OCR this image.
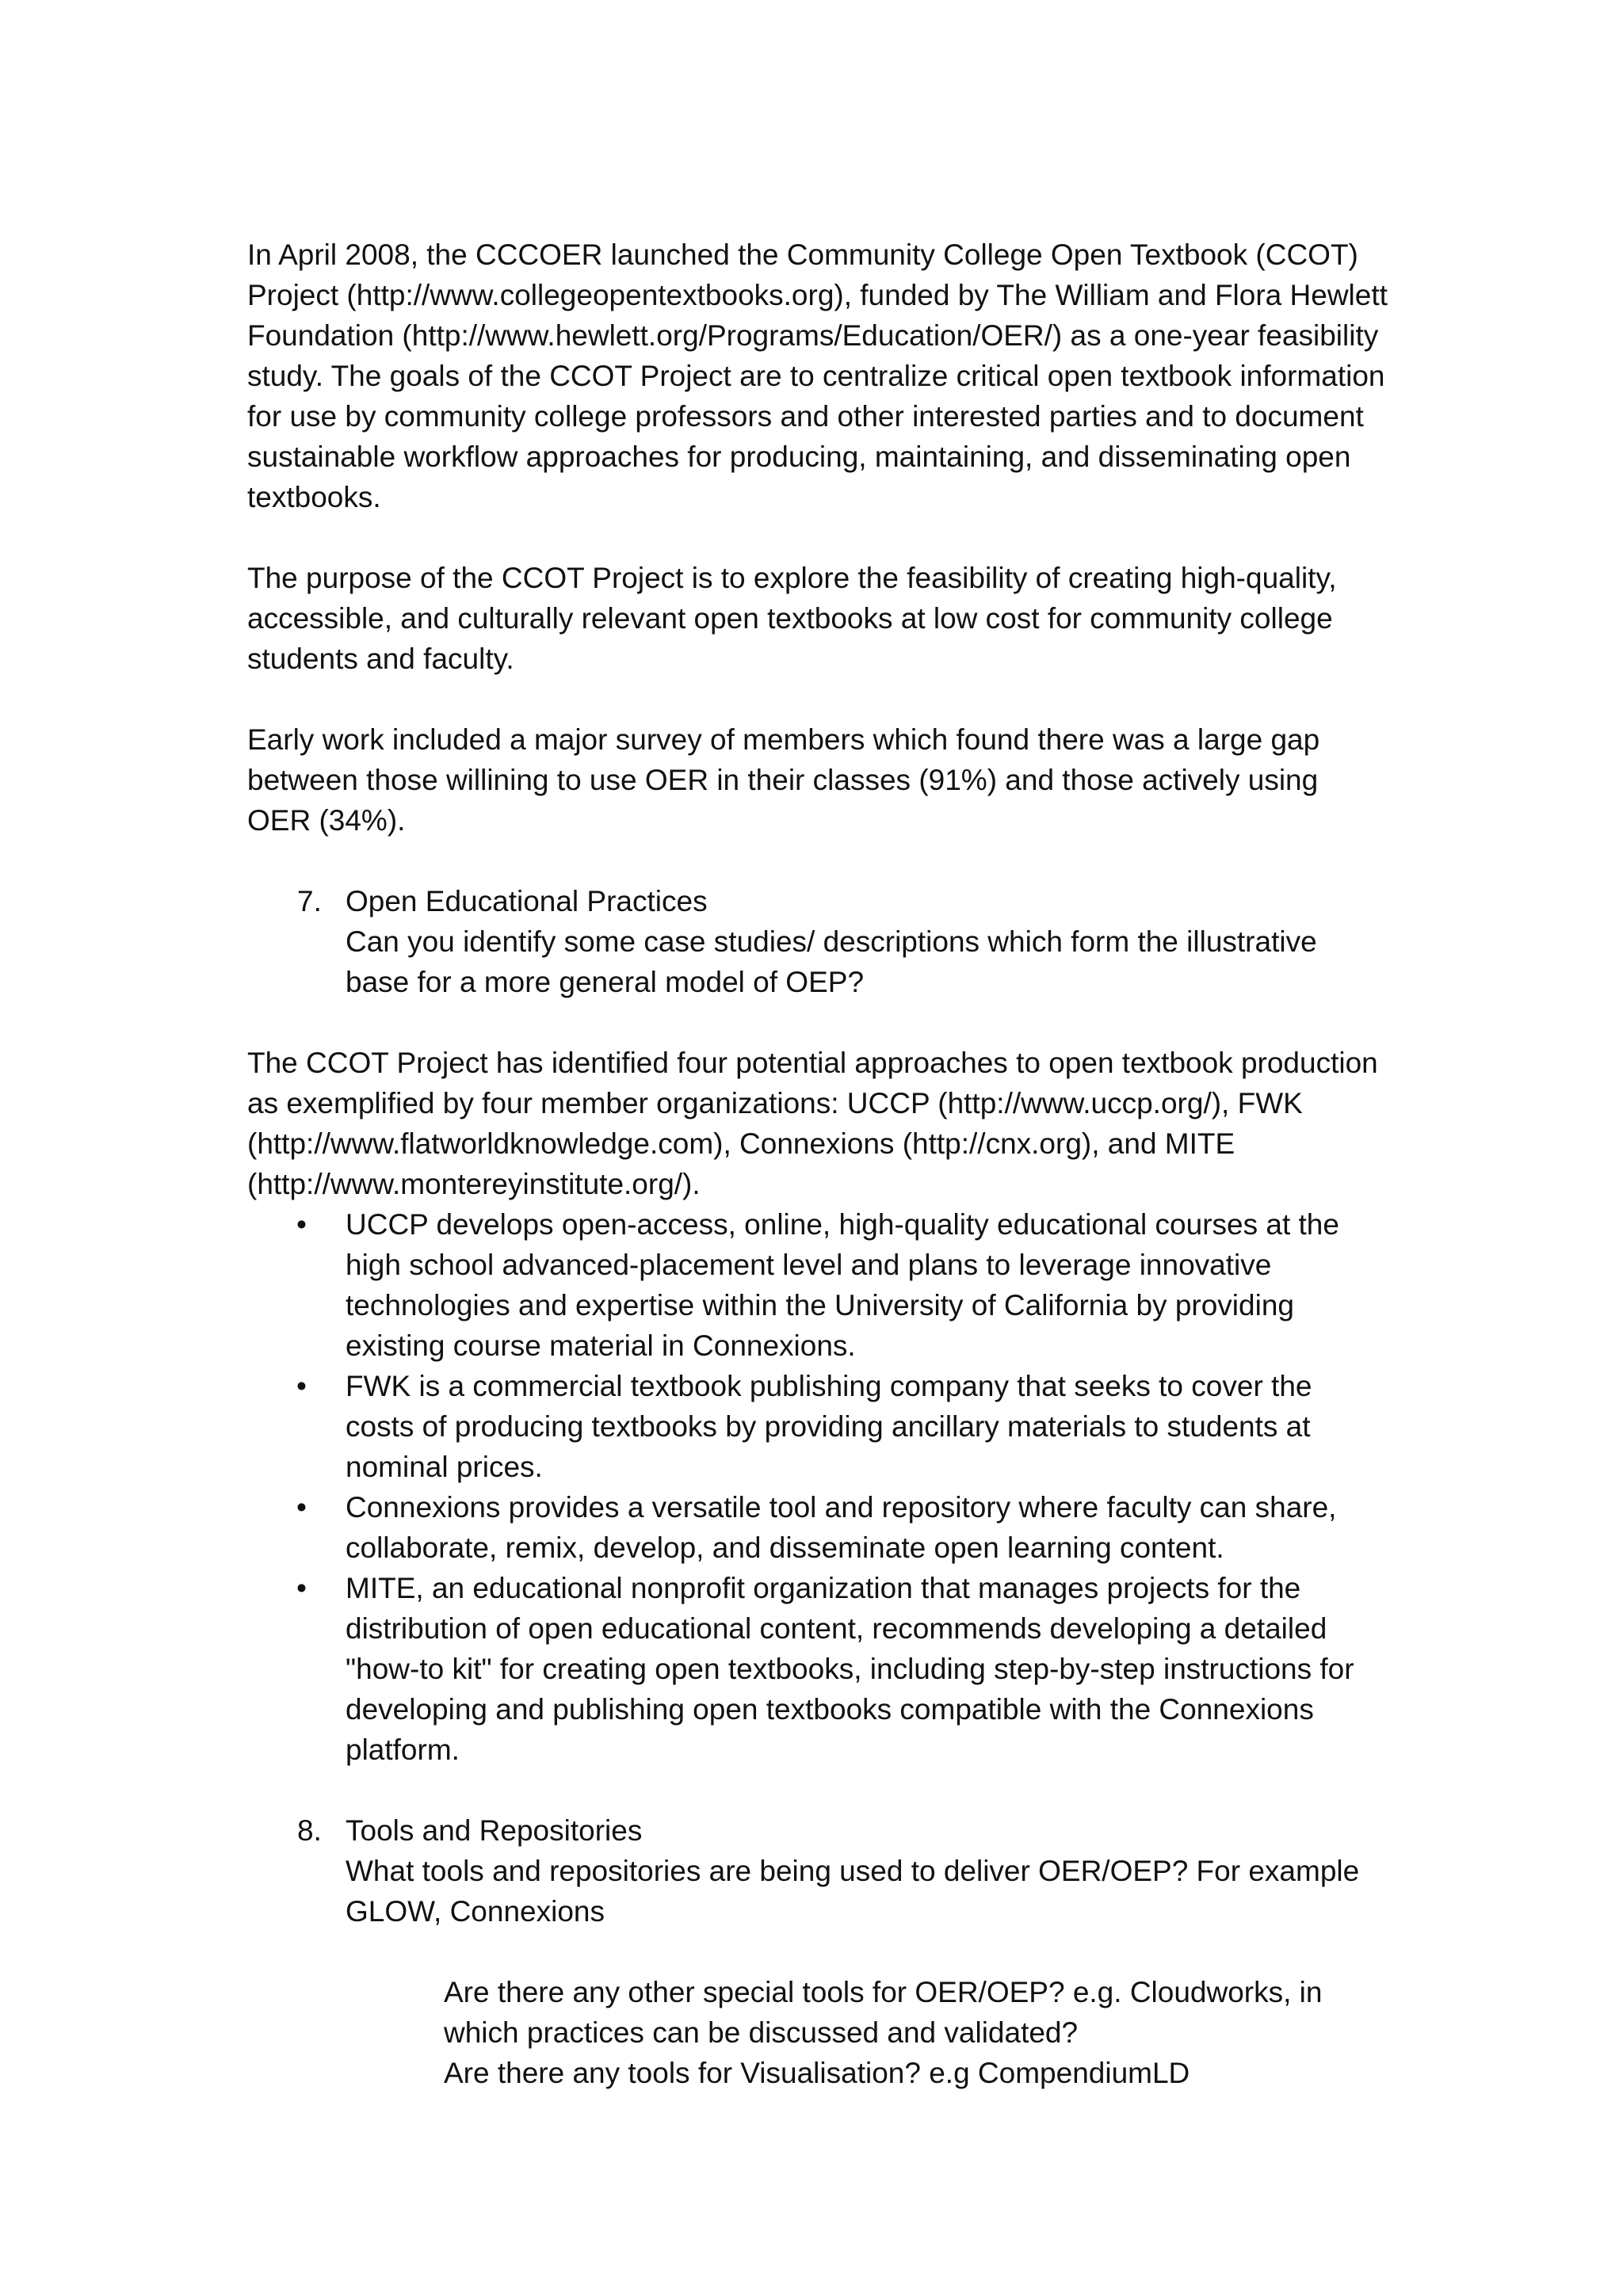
In April 2008, the CCCOER launched the Community College Open Textbook (CCOT) Project (http://www.collegeopentextbooks.org), funded by The William and Flora Hewlett Foundation (http://www.hewlett.org/Programs/Education/OER/) as a one-year feasibility study. The goals of the CCOT Project are to centralize critical open textbook information for use by community college professors and other interested parties and to document sustainable workflow approaches for producing, maintaining, and disseminating open textbooks.

The purpose of the CCOT Project is to explore the feasibility of creating high-quality, accessible, and culturally relevant open textbooks at low cost for community college students and faculty.

Early work included a major survey of members which found there was a large gap between those willining to use OER in their classes (91%) and those actively using OER (34%).

7. Open Educational Practices
Can you identify some case studies/ descriptions which form the illustrative base for a more general model of OEP?

The CCOT Project has identified four potential approaches to open textbook production as exemplified by four member organizations: UCCP (http://www.uccp.org/), FWK (http://www.flatworldknowledge.com), Connexions (http://cnx.org), and MITE (http://www.montereyinstitute.org/).

• UCCP develops open-access, online, high-quality educational courses at the high school advanced-placement level and plans to leverage innovative technologies and expertise within the University of California by providing existing course material in Connexions.
• FWK is a commercial textbook publishing company that seeks to cover the costs of producing textbooks by providing ancillary materials to students at nominal prices.
• Connexions provides a versatile tool and repository where faculty can share, collaborate, remix, develop, and disseminate open learning content.
• MITE, an educational nonprofit organization that manages projects for the distribution of open educational content, recommends developing a detailed "how-to kit" for creating open textbooks, including step-by-step instructions for developing and publishing open textbooks compatible with the Connexions platform.
8. Tools and Repositories
What tools and repositories are being used to deliver OER/OEP? For example GLOW, Connexions
Are there any other special tools for OER/OEP? e.g. Cloudworks, in which practices can be discussed and validated?
Are there any tools for Visualisation? e.g CompendiumLD
